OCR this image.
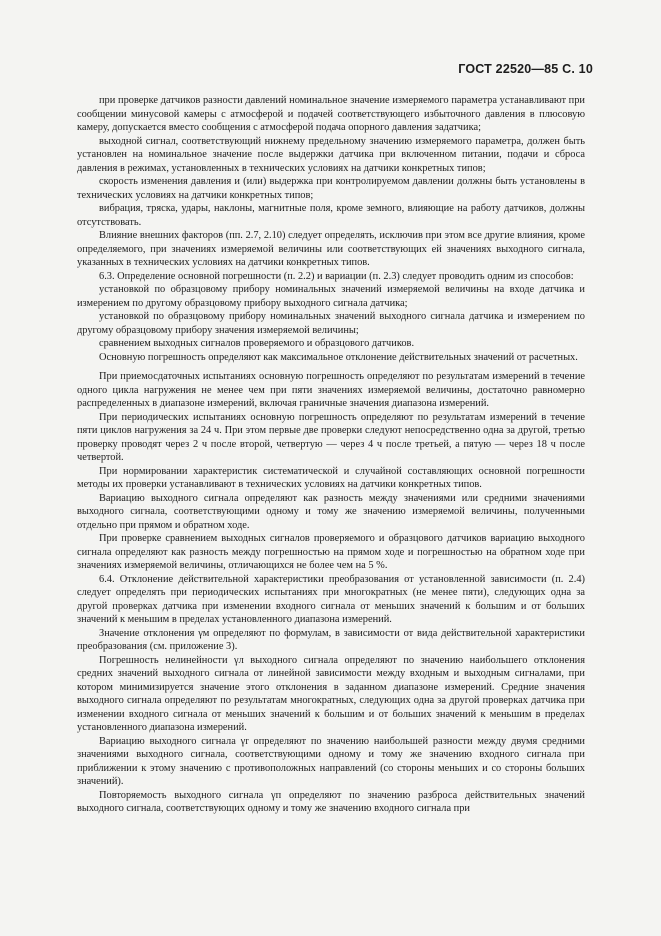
ГОСТ 22520—85 С. 10

при проверке датчиков разности давлений номинальное значение измеряемого параметра устанавливают при сообщении минусовой камеры с атмосферой и подачей соответствующего избыточного давления в плюсовую камеру, допускается вместо сообщения с атмосферой подача опорного давления задатчика;

выходной сигнал, соответствующий нижнему предельному значению измеряемого параметра, должен быть установлен на номинальное значение после выдержки датчика при включенном питании, подачи и сброса давления в режимах, установленных в технических условиях на датчики конкретных типов;

скорость изменения давления и (или) выдержка при контролируемом давлении должны быть установлены в технических условиях на датчики конкретных типов;

вибрация, тряска, удары, наклоны, магнитные поля, кроме земного, влияющие на работу датчиков, должны отсутствовать.

Влияние внешних факторов (пп. 2.7, 2.10) следует определять, исключив при этом все другие влияния, кроме определяемого, при значениях измеряемой величины или соответствующих ей значениях выходного сигнала, указанных в технических условиях на датчики конкретных типов.

6.3. Определение основной погрешности (п. 2.2) и вариации (п. 2.3) следует проводить одним из способов:

установкой по образцовому прибору номинальных значений измеряемой величины на входе датчика и измерением по другому образцовому прибору выходного сигнала датчика;

установкой по образцовому прибору номинальных значений выходного сигнала датчика и измерением по другому образцовому прибору значения измеряемой величины;

сравнением выходных сигналов проверяемого и образцового датчиков.

Основную погрешность определяют как максимальное отклонение действительных значений от расчетных.

При приемосдаточных испытаниях основную погрешность определяют по результатам измерений в течение одного цикла нагружения не менее чем при пяти значениях измеряемой величины, достаточно равномерно распределенных в диапазоне измерений, включая граничные значения диапазона измерений.

При периодических испытаниях основную погрешность определяют по результатам измерений в течение пяти циклов нагружения за 24 ч. При этом первые две проверки следуют непосредственно одна за другой, третью проверку проводят через 2 ч после второй, четвертую — через 4 ч после третьей, а пятую — через 18 ч после четвертой.

При нормировании характеристик систематической и случайной составляющих основной погрешности методы их проверки устанавливают в технических условиях на датчики конкретных типов.

Вариацию выходного сигнала определяют как разность между значениями или средними значениями выходного сигнала, соответствующими одному и тому же значению измеряемой величины, полученными отдельно при прямом и обратном ходе.

При проверке сравнением выходных сигналов проверяемого и образцового датчиков вариацию выходного сигнала определяют как разность между погрешностью на прямом ходе и погрешностью на обратном ходе при значениях измеряемой величины, отличающихся не более чем на 5 %.

6.4. Отклонение действительной характеристики преобразования от установленной зависимости (п. 2.4) следует определять при периодических испытаниях при многократных (не менее пяти), следующих одна за другой проверках датчика при изменении входного сигнала от меньших значений к большим и от больших значений к меньшим в пределах установленного диапазона измерений.

Значение отклонения γм определяют по формулам, в зависимости от вида действительной характеристики преобразования (см. приложение 3).

Погрешность нелинейности γл выходного сигнала определяют по значению наибольшего отклонения средних значений выходного сигнала от линейной зависимости между входным и выходным сигналами, при котором минимизируется значение этого отклонения в заданном диапазоне измерений. Средние значения выходного сигнала определяют по результатам многократных, следующих одна за другой проверках датчика при изменении входного сигнала от меньших значений к большим и от больших значений к меньшим в пределах установленного диапазона измерений.

Вариацию выходного сигнала γr определяют по значению наибольшей разности между двумя средними значениями выходного сигнала, соответствующими одному и тому же значению входного сигнала при приближении к этому значению с противоположных направлений (со стороны меньших и со стороны больших значений).

Повторяемость выходного сигнала γп определяют по значению разброса действительных значений выходного сигнала, соответствующих одному и тому же значению входного сигнала при
